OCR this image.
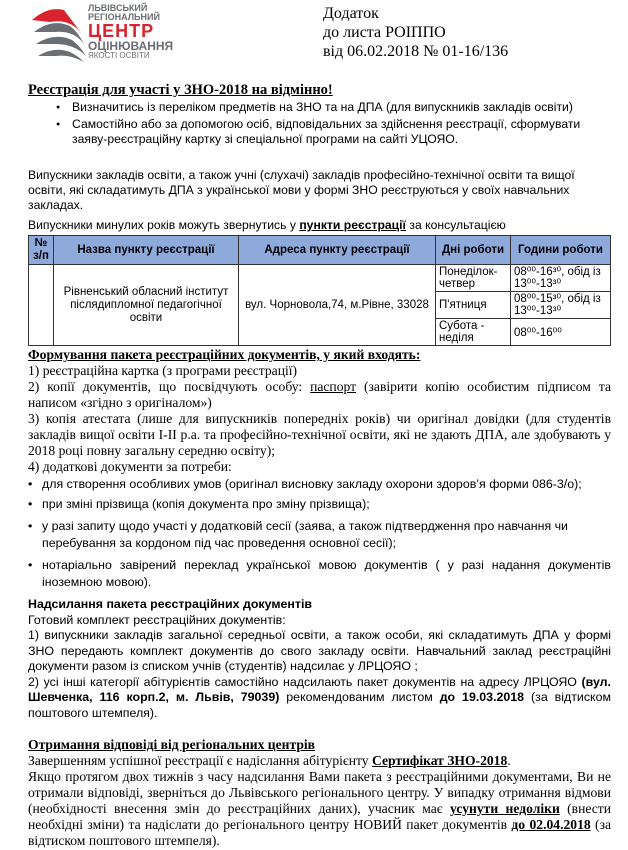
ЛЬВІВСЬКИЙ
РЕГІОНАЛЬНИЙ
ЦЕНТР
ОЦІНЮВАННЯ
ЯКОСТІ ОСВІТИ
Додаток
до листа РОІППО
від 06.02.2018 № 01-16/136
Реєстрація для участі у ЗНО-2018 на відмінно!
● Визначитись із переліком предметів на ЗНО та на ДПА (для випускників закладів освіти)
● Самостійно або за допомогою осіб, відповідальних за здійснення реєстрації, сформувати заяву-реєстраційну картку зі спеціальної програми на сайті УЦОЯО.
Випускники закладів освіти, а також учні (слухачі) закладів професійно-технічної освіти та вищої освіти, які складатимуть ДПА з української мови у формі ЗНО реєструються у своїх навчальних закладах.
Випускники минулих років можуть звернутись у пункти реєстрації за консультацією
№ з/п	Назва пункту реєстрації	Адреса пункту реєстрації	Дні роботи	Години роботи
	Рівненський обласний інститут післядипломної педагогічної освіти	вул. Чорновола,74, м.Рівне, 33028	Понеділок-четвер	08⁰⁰-16³⁰, обід із 13⁰⁰-13³⁰
			П'ятниця	08⁰⁰-15³⁰, обід із 13⁰⁰-13³⁰
			Субота - неділя	08⁰⁰-16⁰⁰
Формування пакета реєстраційних документів, у який входять:
1) реєстраційна картка (з програми реєстрації)
2) копії документів, що посвідчують особу: паспорт (завірити копію особистим підписом та написом «згідно з оригіналом»)
3) копія атестата (лише для випускників попередніх років) чи оригінал довідки (для студентів закладів вищої освіти І-ІІ р.а. та професійно-технічної освіти, які не здають ДПА, але здобувають у 2018 році повну загальну середню освіту);
4) додаткові документи за потреби:
• для створення особливих умов (оригінал висновку закладу охорони здоров’я форми 086-3/о);
• при зміні прізвища (копія документа про зміну прізвища);
• у разі запиту щодо участі у додатковій сесії (заява, а також підтвердження про навчання чи перебування за кордоном під час проведення основної сесії);
• нотаріально завірений переклад української мовою документів ( у разі надання документів іноземною мовою).
Надсилання пакета реєстраційних документів
Готовий комплект реєстраційних документів:
1) випускники закладів загальної середньої освіти, а також особи, які складатимуть ДПА у формі ЗНО передають комплект документів до свого закладу освіти. Навчальний заклад реєстраційні документи разом із списком учнів (студентів) надсилає у ЛРЦОЯО ;
2) усі інші категорії абітурієнтів самостійно надсилають пакет документів на адресу ЛРЦОЯО (вул. Шевченка, 116 корп.2, м. Львів, 79039) рекомендованим листом до 19.03.2018 (за відтиском поштового штемпеля).
Отримання відповіді від регіональних центрів
Завершенням успішної реєстрації є надіслання абітурієнту Сертифікат ЗНО-2018.
Якщо протягом двох тижнів з часу надсилання Вами пакета з реєстраційними документами, Ви не отримали відповіді, зверніться до Львівського регіонального центру. У випадку отримання відмови (необхідності внесення змін до реєстраційних даних), учасник має усунути недоліки (внести необхідні зміни) та надіслати до регіонального центру НОВИЙ пакет документів до 02.04.2018 (за відтиском поштового штемпеля).
